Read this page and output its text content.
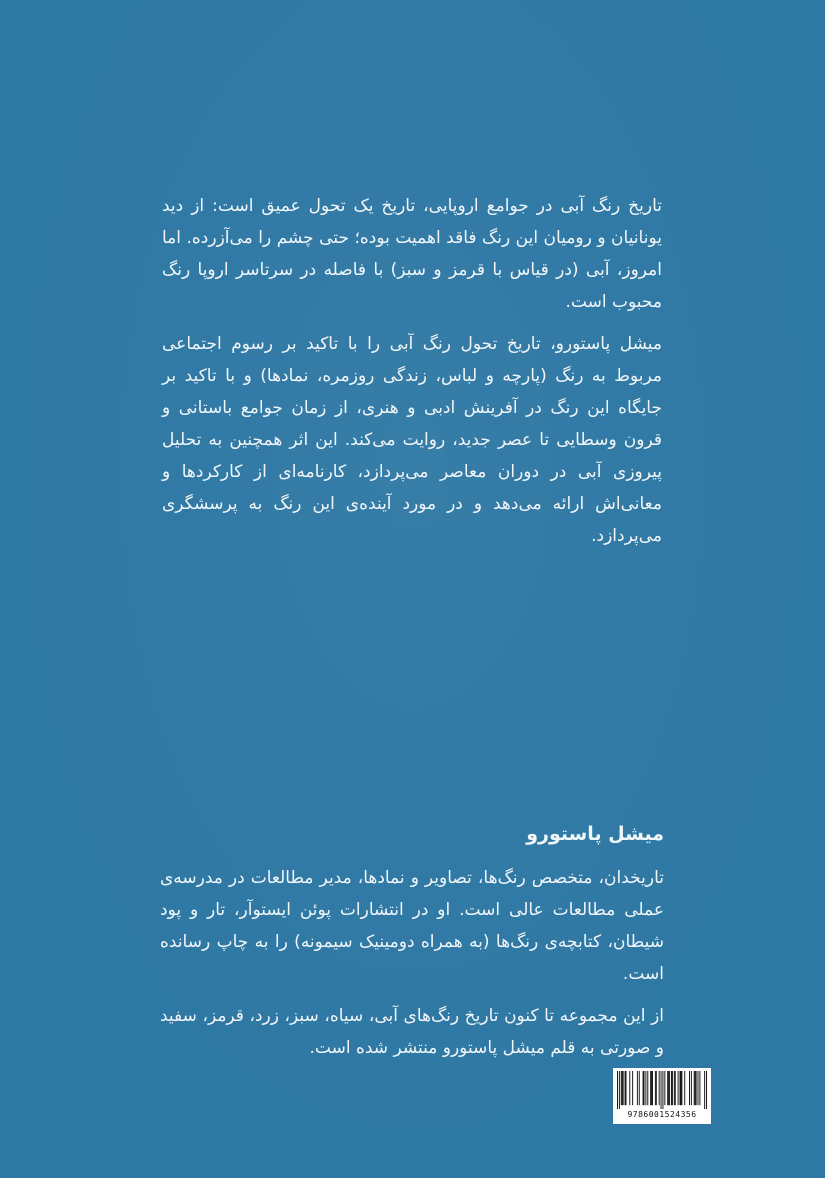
تاریخ رنگ آبی در جوامع اروپایی، تاریخ یک تحول عمیق است: از دید یونانیان و رومیان این رنگ فاقد اهمیت بوده؛ حتی چشم را می‌آزرده. اما امروز، آبی (در قیاس با قرمز و سبز) با فاصله در سرتاسر اروپا رنگ محبوب است.

میشل پاستورو، تاریخ تحول رنگ آبی را با تاکید بر رسوم اجتماعی مربوط به رنگ (پارچه و لباس، زندگی روزمره، نمادها) و با تاکید بر جایگاه این رنگ در آفرینش ادبی و هنری، از زمان جوامع باستانی و قرون وسطایی تا عصر جدید، روایت می‌کند. این اثر همچنین به تحلیل پیروزی آبی در دوران معاصر می‌پردازد، کارنامه‌ای از کارکردها و معانی‌اش ارائه می‌دهد و در مورد آینده‌ی این رنگ به پرسشگری می‌پردازد.

میشل پاستورو

تاریخدان، متخصص رنگ‌ها، تصاویر و نمادها، مدیر مطالعات در مدرسه‌ی عملی مطالعات عالی است. او در انتشارات پوئن ایستوآر، تار و پود شیطان، کتابچه‌ی رنگ‌ها (به همراه دومینیک سیمونه) را به چاپ رسانده است.

از این مجموعه تا کنون تاریخ رنگ‌های آبی، سیاه، سبز، زرد، قرمز، سفید و صورتی به قلم میشل پاستورو منتشر شده است.

9786001524356
